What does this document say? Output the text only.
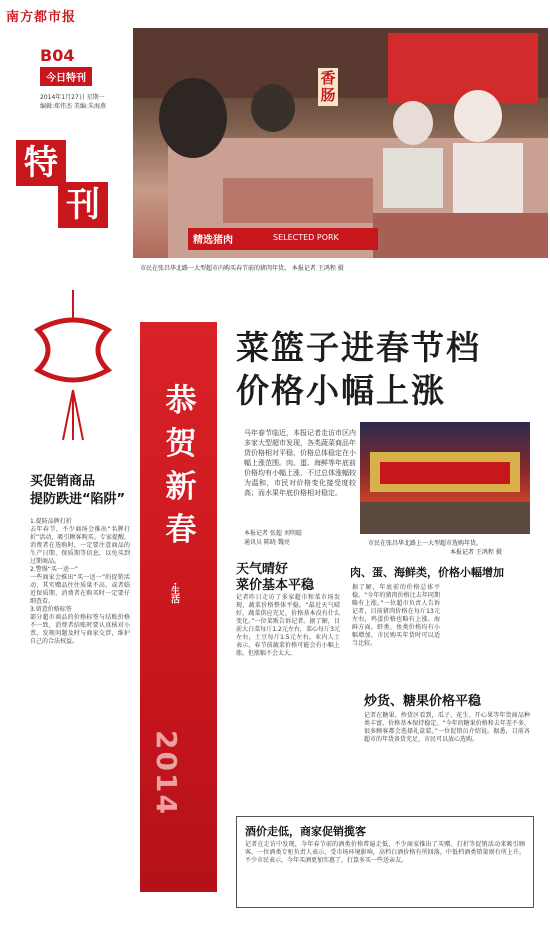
南方都市报
B04
今日特刊
2014年1月27日 星期一
编辑:郑伟杰 美编:朱海燕
精选猪肉	SELECTED PORK
香肠
市民在张昌华北路一大型超市内购买春节前的猪肉年货。 本报记者 王鸿程 摄
特
刊
菜篮子进春节档
价格小幅上涨
恭
贺
新
春
·生活
2014
马年春节临近，本报记者走访市区内多家大型超市发现，各类蔬菜商品年货价格相对平稳，价格总体稳定在小幅上涨范围。肉、蛋、海鲜等年底前价格均有小幅上涨，不过总体涨幅较为温和，市民对价格变化接受度较高；而水果年底价格相对稳定。
本报记者 张超 刘明聪
通讯员 陈晓 魏亮	市民在张昌华北路上一大型超市选购年货。
本报记者 王鸿程 摄
买促销商品
提防跌进“陷阱”
1.提防品牌打折
去年春节，不少商场会推出“名牌打折”活动，吸引顾客购买。专家提醒，消费者在选购时，一定要注意商品的生产日期、保质期等信息，以免买到过期商品。
2.警惕“买一送一”
一些商家会推出“买一送一”的促销活动，其实赠品往往质量不高，或者临近保质期，消费者在购买时一定要仔细查看。
3.留意价格标签
部分超市商品的价格标签与结账价格不一致，消费者结账时要认真核对小票，发现问题及时与商家交涉，维护自己的合法权益。
天气晴好
菜价基本平稳
记者昨日走访了多家超市和菜市场发现，蔬菜价格整体平稳。“最近天气晴好，蔬菜供应充足，价格基本没有什么变化。”一位菜贩告诉记者。据了解，目前大白菜每斤1.2元左右，菜心每斤3元左右，土豆每斤1.5元左右。业内人士表示，春节前蔬菜价格可能会有小幅上涨，但涨幅不会太大。
肉、蛋、海鲜类，价格小幅增加
据了解，年底前的价格总体平稳。“今年的猪肉价格比去年同期略有上涨。”一位超市负责人告诉记者，目前猪肉价格在每斤13元左右，鸡蛋价格也略有上涨。海鲜方面，虾类、鱼类价格均有小幅增加，市民购买年货时可以适当比较。
炒货、糖果价格平稳
记者在糖果、炒货区看到，瓜子、花生、开心果等年货商品种类丰富，价格基本保持稳定。“今年的糖果价格和去年差不多，很多顾客都会选择礼盒装。”一位促销员介绍说。据悉，目前各超市的年货备货充足，市民可以放心选购。
酒价走低，商家促销揽客
记者在走访中发现，今年春节前的酒类价格普遍走低，不少商家推出了买赠、打折等促销活动来吸引顾客。一位酒类专柜负责人表示，受市场环境影响，高档白酒价格有所回落，中低档酒类销量则有所上升。不少市民表示，今年买酒更加实惠了，打算多买一些送亲友。
